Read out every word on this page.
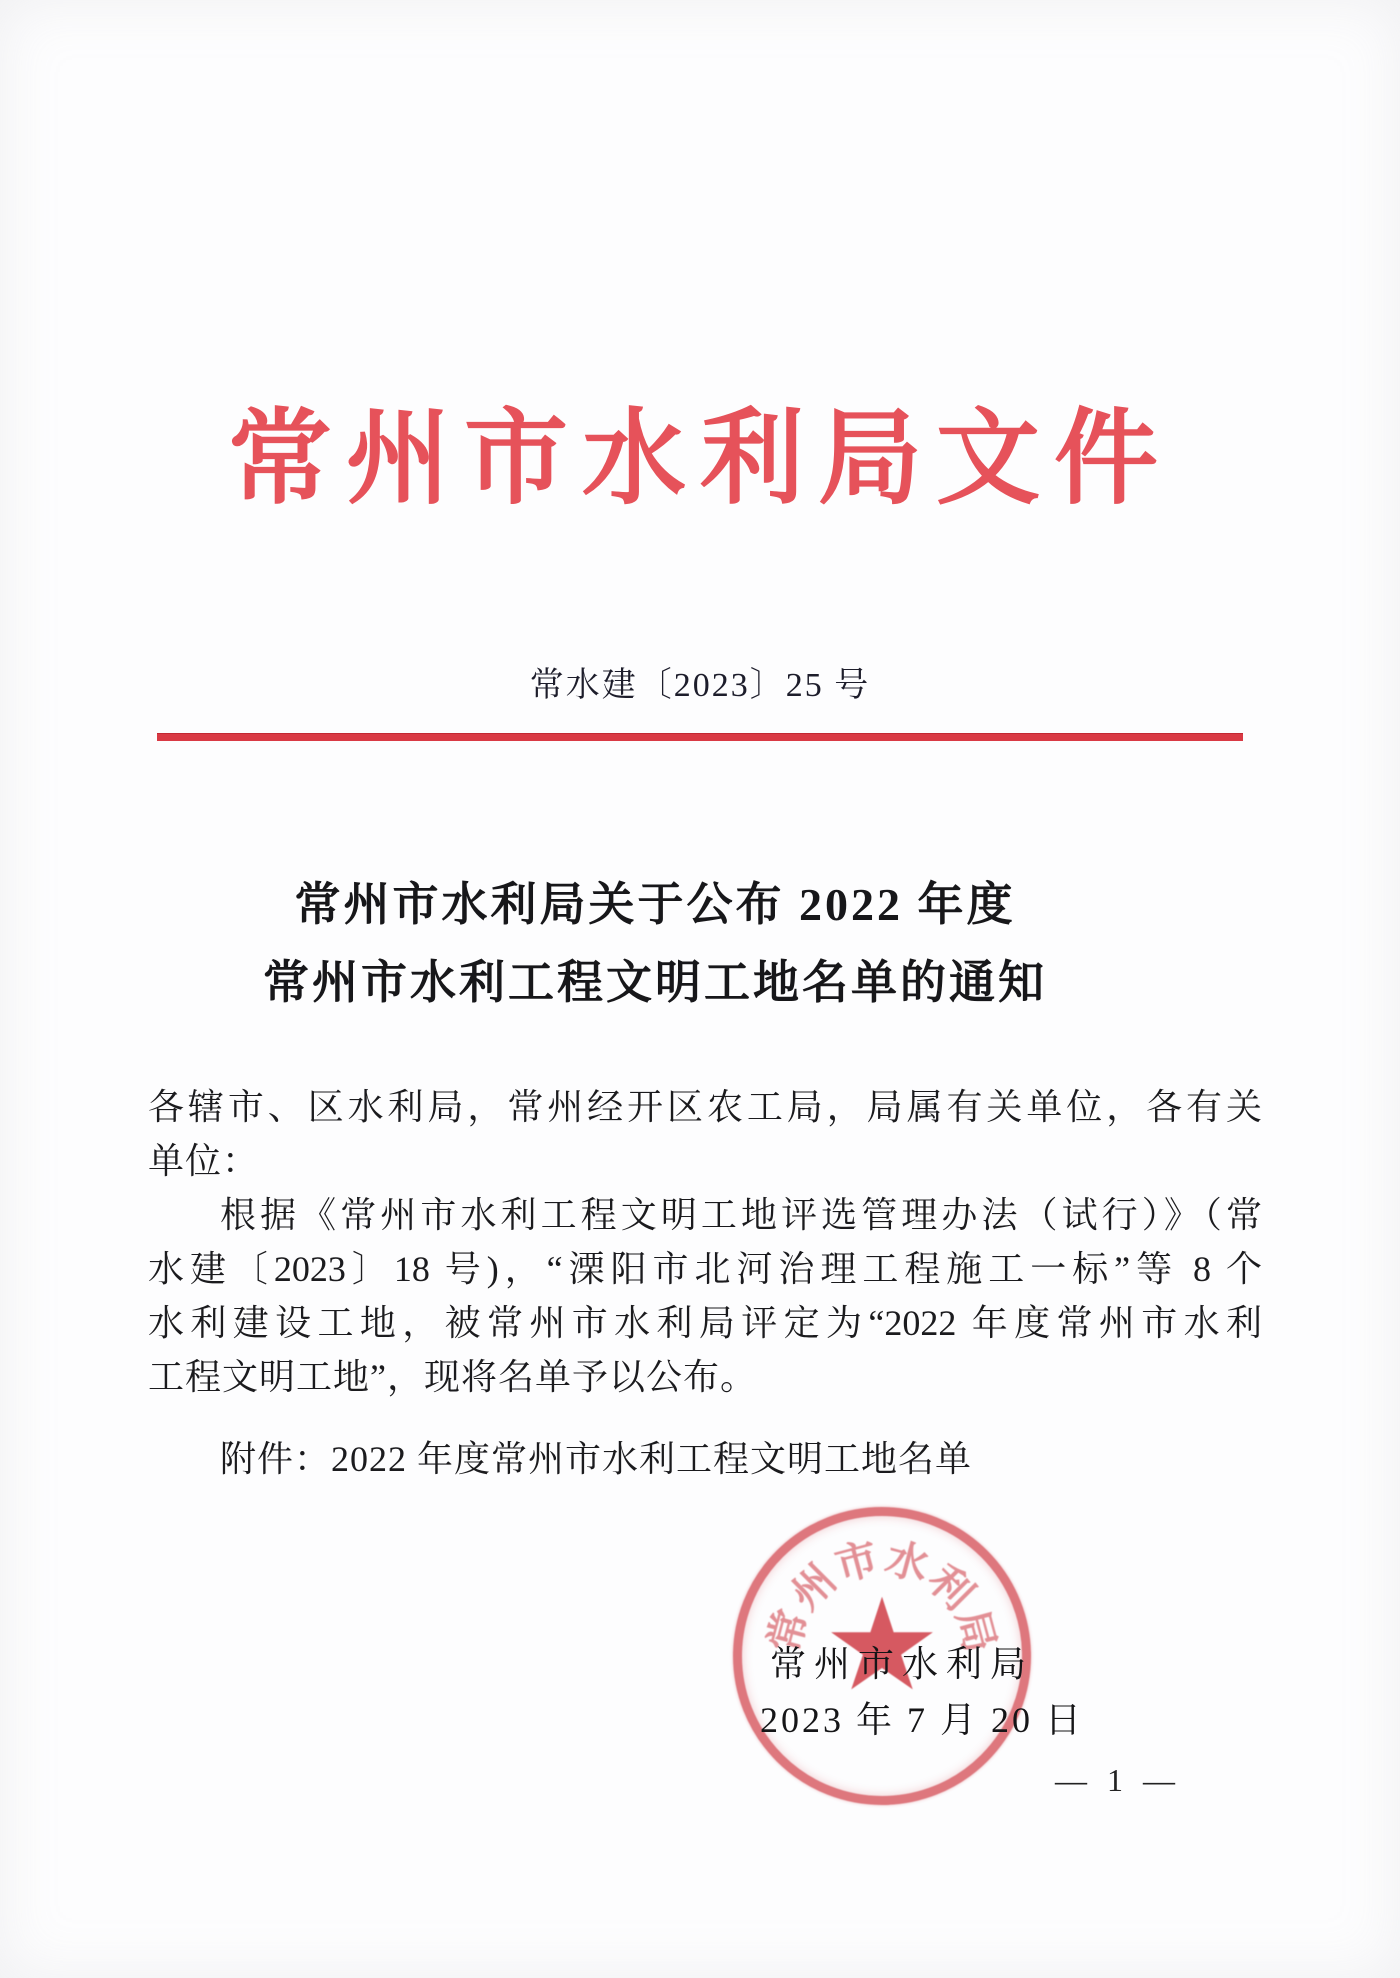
常州市水利局文件
常水建〔2023〕25 号
常州市水利局关于公布 2022 年度
常州市水利工程文明工地名单的通知
各辖市、区水利局，常州经开区农工局，局属有关单位，各有关
单位：
根据《常州市水利工程文明工地评选管理办法（试行）》（常
水建〔2023〕18 号)，“溧阳市北河治理工程施工一标”等 8 个
水利建设工地，被常州市水利局评定为“2022 年度常州市水利
工程文明工地”，现将名单予以公布。
附件：2022 年度常州市水利工程文明工地名单
常
州
市
水
利
局
常州市水利局
2023 年 7 月 20 日
— 1 —
